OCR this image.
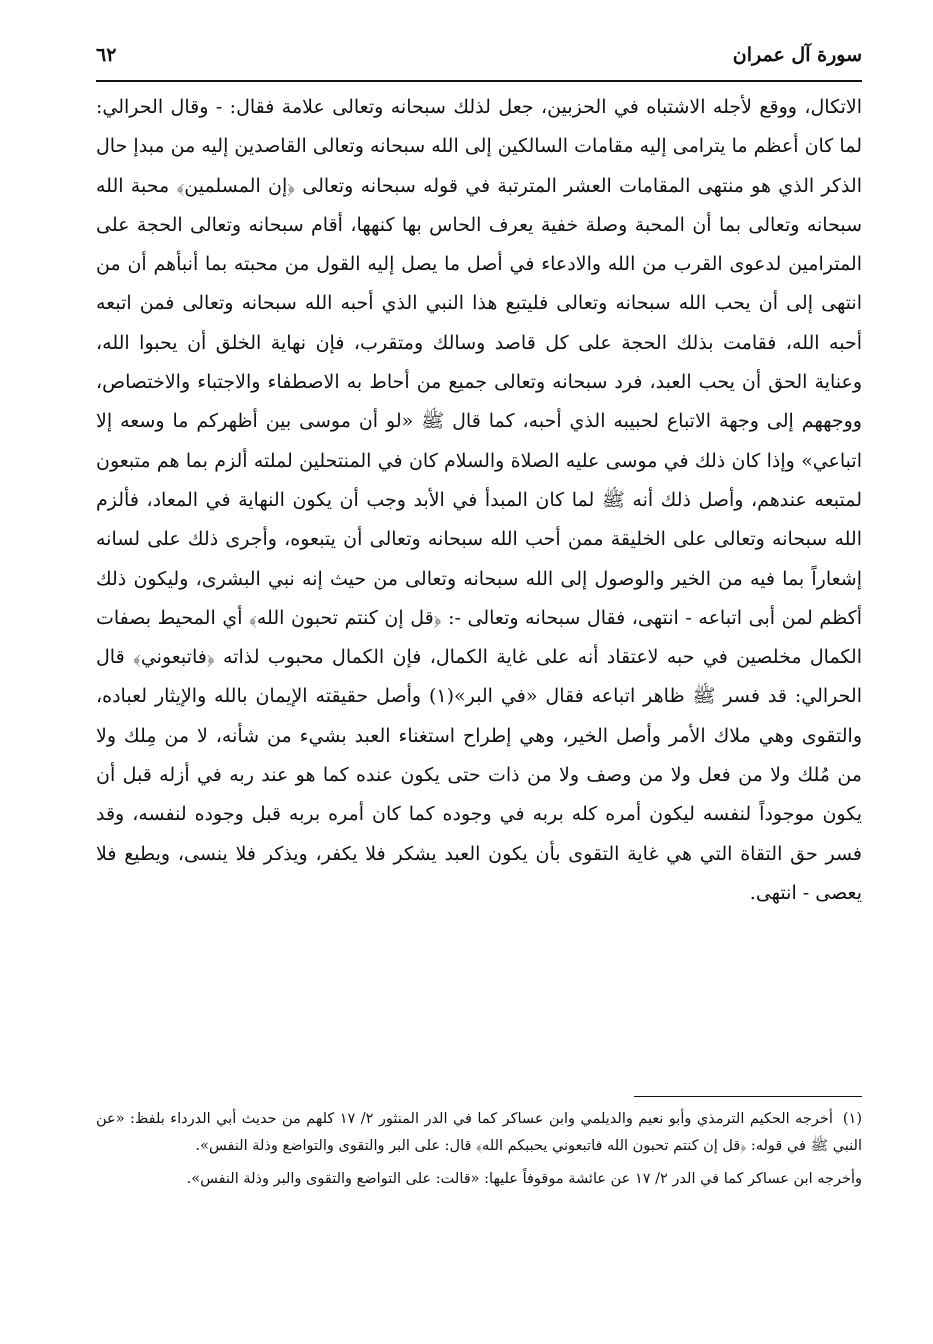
٦٢	سورة آل عمران

الاتكال، ووقع لأجله الاشتباه في الحزبين، جعل لذلك سبحانه وتعالى علامة فقال: - وقال الحرالي: لما كان أعظم ما يترامى إليه مقامات السالكين إلى الله سبحانه وتعالى القاصدين إليه من مبدإ حال الذكر الذي هو منتهى المقامات العشر المترتبة في قوله سبحانه وتعالى ﴿إن المسلمين﴾ محبة الله سبحانه وتعالى بما أن المحبة وصلة خفية يعرف الحاس بها كنهها، أقام سبحانه وتعالى الحجة على المترامين لدعوى القرب من الله والادعاء في أصل ما يصل إليه القول من محبته بما أنبأهم أن من انتهى إلى أن يحب الله سبحانه وتعالى فليتبع هذا النبي الذي أحبه الله سبحانه وتعالى فمن اتبعه أحبه الله، فقامت بذلك الحجة على كل قاصد وسالك ومتقرب، فإن نهاية الخلق أن يحبوا الله، وعناية الحق أن يحب العبد، فرد سبحانه وتعالى جميع من أحاط به الاصطفاء والاجتباء والاختصاص، ووجههم إلى وجهة الاتباع لحبيبه الذي أحبه، كما قال ﷺ «لو أن موسى بين أظهركم ما وسعه إلا اتباعي» وإذا كان ذلك في موسى عليه الصلاة والسلام كان في المنتحلين لملته ألزم بما هم متبعون لمتبعه عندهم، وأصل ذلك أنه ﷺ لما كان المبدأ في الأبد وجب أن يكون النهاية في المعاد، فألزم الله سبحانه وتعالى على الخليقة ممن أحب الله سبحانه وتعالى أن يتبعوه، وأجرى ذلك على لسانه إشعاراً بما فيه من الخير والوصول إلى الله سبحانه وتعالى من حيث إنه نبي البشرى، وليكون ذلك أكظم لمن أبى اتباعه - انتهى، فقال سبحانه وتعالى -: ﴿قل إن كنتم تحبون الله﴾ أي المحيط بصفات الكمال مخلصين في حبه لاعتقاد أنه على غاية الكمال، فإن الكمال محبوب لذاته ﴿فاتبعوني﴾ قال الحرالي: قد فسر ﷺ ظاهر اتباعه فقال «في البر»(١) وأصل حقيقته الإيمان بالله والإيثار لعباده، والتقوى وهي ملاك الأمر وأصل الخير، وهي إطراح استغناء العبد بشيء من شأنه، لا من مِلك ولا من مُلك ولا من فعل ولا من وصف ولا من ذات حتى يكون عنده كما هو عند ربه في أزله قبل أن يكون موجوداً لنفسه ليكون أمره كله بربه في وجوده كما كان أمره بربه قبل وجوده لنفسه، وقد فسر حق التقاة التي هي غاية التقوى بأن يكون العبد يشكر فلا يكفر، ويذكر فلا ينسى، ويطيع فلا يعصى - انتهى.

(١)أخرجه الحكيم الترمذي وأبو نعيم والديلمي وابن عساكر كما في الدر المنثور ٢/ ١٧ كلهم من حديث أبي الدرداء بلفظ: «عن النبي ﷺ في قوله: ﴿قل إن كنتم تحبون الله فاتبعوني يحببكم الله﴾ قال: على البر والتقوى والتواضع وذلة النفس».

وأخرجه ابن عساكر كما في الدر ٢/ ١٧ عن عائشة موقوفاً عليها: «قالت: على التواضع والتقوى والبر وذلة النفس».
